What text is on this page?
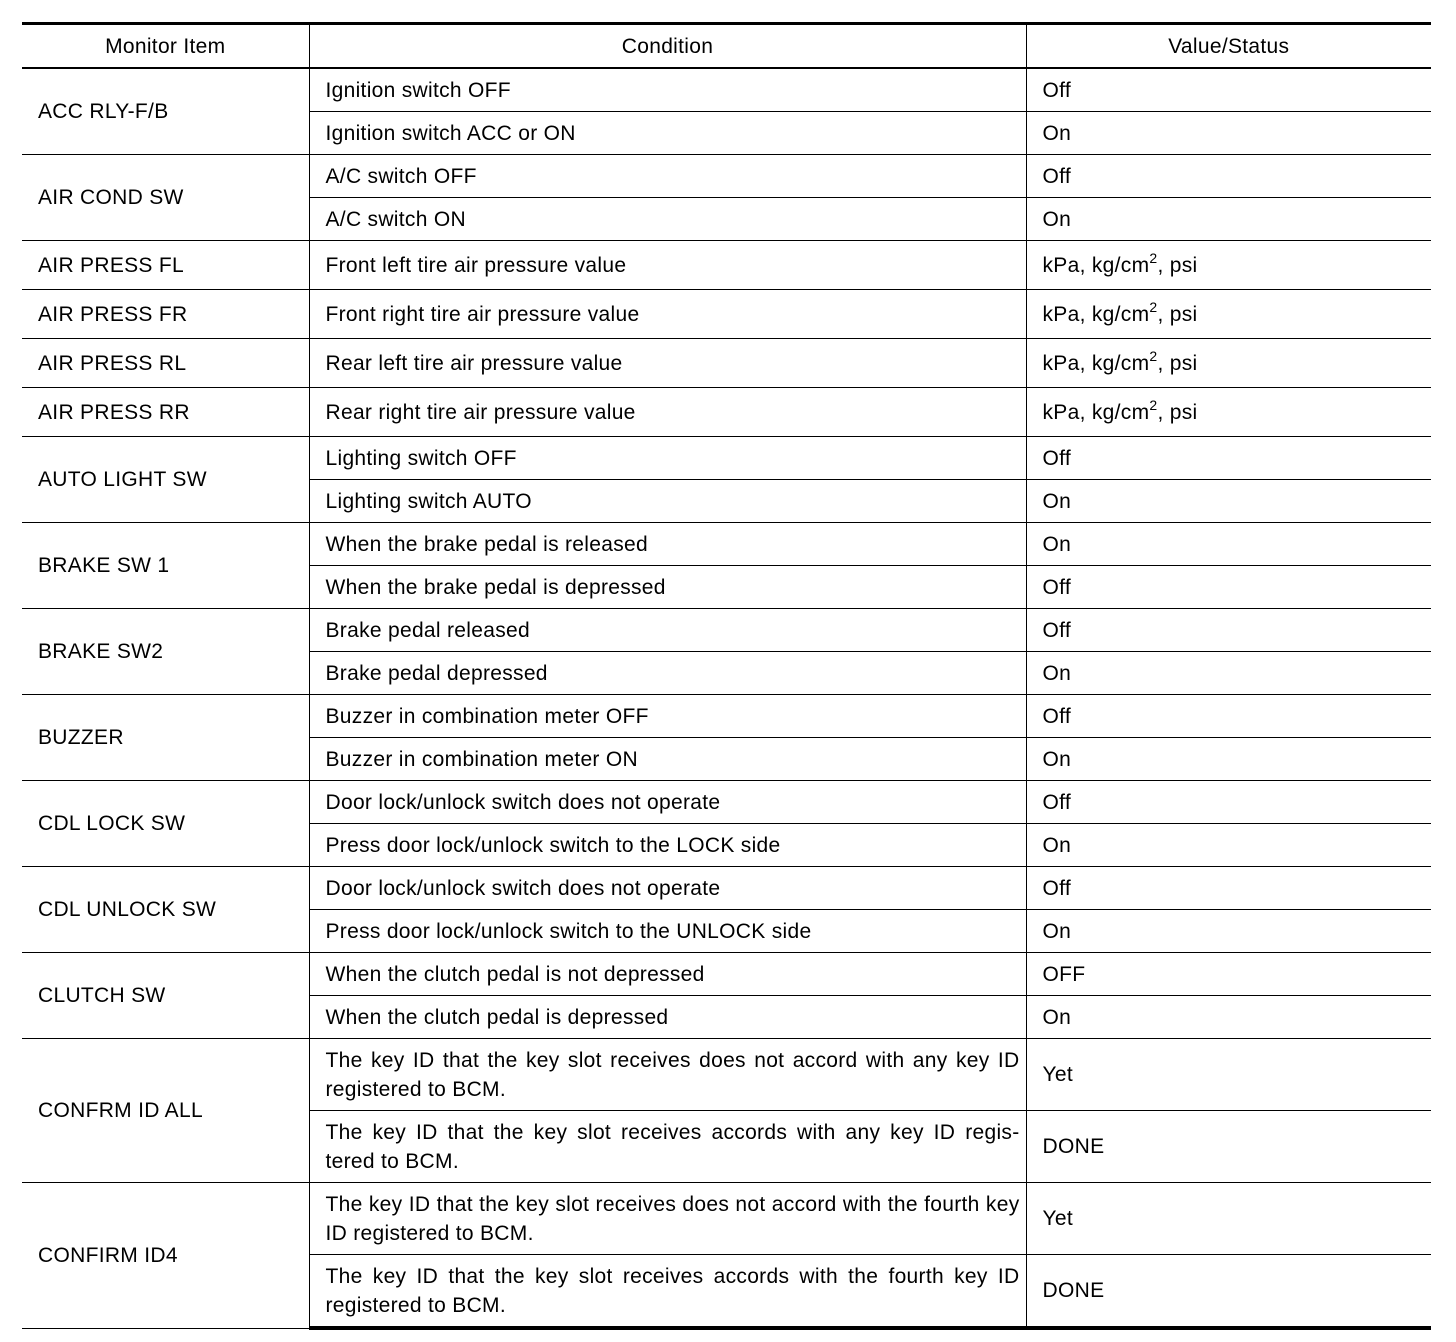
Monitor Item	Condition	Value/Status
ACC RLY-F/B	Ignition switch OFF	Off
	Ignition switch ACC or ON	On
AIR COND SW	A/C switch OFF	Off
	A/C switch ON	On
AIR PRESS FL	Front left tire air pressure value	kPa, $kg/cm^2$, psi
AIR PRESS FR	Front right tire air pressure value	kPa, $kg/cm^2$, psi
AIR PRESS RL	Rear left tire air pressure value	kPa, $kg/cm^2$, psi
AIR PRESS RR	Rear right tire air pressure value	kPa, $kg/cm^2$, psi
AUTO LIGHT SW	Lighting switch OFF	Off
	Lighting switch AUTO	On
BRAKE SW 1	When the brake pedal is released	On
	When the brake pedal is depressed	Off
BRAKE SW2	Brake pedal released	Off
	Brake pedal depressed	On
BUZZER	Buzzer in combination meter OFF	Off
	Buzzer in combination meter ON	On
CDL LOCK SW	Door lock/unlock switch does not operate	Off
	Press door lock/unlock switch to the LOCK side	On
CDL UNLOCK SW	Door lock/unlock switch does not operate	Off
	Press door lock/unlock switch to the UNLOCK side	On
CLUTCH SW	When the clutch pedal is not depressed	OFF
	When the clutch pedal is depressed	On
CONFRM ID ALL	The key ID that the key slot receives does not accord with any key ID registered to BCM.	Yet
	The key ID that the key slot receives accords with any key ID regis- tered to BCM.	DONE
CONFIRM ID4	The key ID that the key slot receives does not accord with the fourth key ID registered to BCM.	Yet
	The key ID that the key slot receives accords with the fourth key ID registered to BCM.	DONE
